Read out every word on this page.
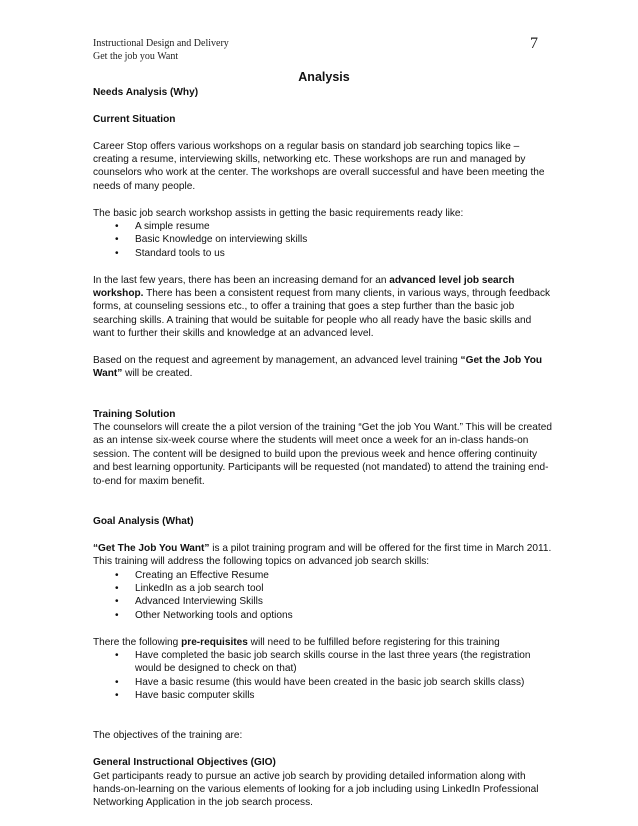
Instructional Design and Delivery
Get the job you Want
7
Analysis

Needs Analysis (Why)

Current Situation

Career Stop offers various workshops on a regular basis on standard job searching topics like – creating a resume, interviewing skills, networking etc. These workshops are run and managed by counselors who work at the center. The workshops are overall successful and have been meeting the needs of many people.

The basic job search workshop assists in getting the basic requirements ready like:

• A simple resume
• Basic Knowledge on interviewing skills
• Standard tools to us

In the last few years, there has been an increasing demand for an advanced level job search workshop. There has been a consistent request from many clients, in various ways, through feedback forms, at counseling sessions etc., to offer a training that goes a step further than the basic job searching skills. A training that would be suitable for people who all ready have the basic skills and want to further their skills and knowledge at an advanced level.

Based on the request and agreement by management, an advanced level training “Get the Job You Want” will be created.

Training Solution

The counselors will create the a pilot version of the training “Get the job You Want.” This will be created as an intense six-week course where the students will meet once a week for an in-class hands-on session. The content will be designed to build upon the previous week and hence offering continuity and best learning opportunity. Participants will be requested (not mandated) to attend the training end-to-end for maxim benefit.

Goal Analysis (What)

“Get The Job You Want” is a pilot training program and will be offered for the first time in March 2011. This training will address the following topics on advanced job search skills:

• Creating an Effective Resume
• LinkedIn as a job search tool
• Advanced Interviewing Skills
• Other Networking tools and options

There the following pre-requisites will need to be fulfilled before registering for this training

• Have completed the basic job search skills course in the last three years (the registration would be designed to check on that)
• Have a basic resume (this would have been created in the basic job search skills class)
• Have basic computer skills

The objectives of the training are:

General Instructional Objectives (GIO)

Get participants ready to pursue an active job search by providing detailed information along with hands-on-learning on the various elements of looking for a job including using LinkedIn Professional Networking Application in the job search process.
